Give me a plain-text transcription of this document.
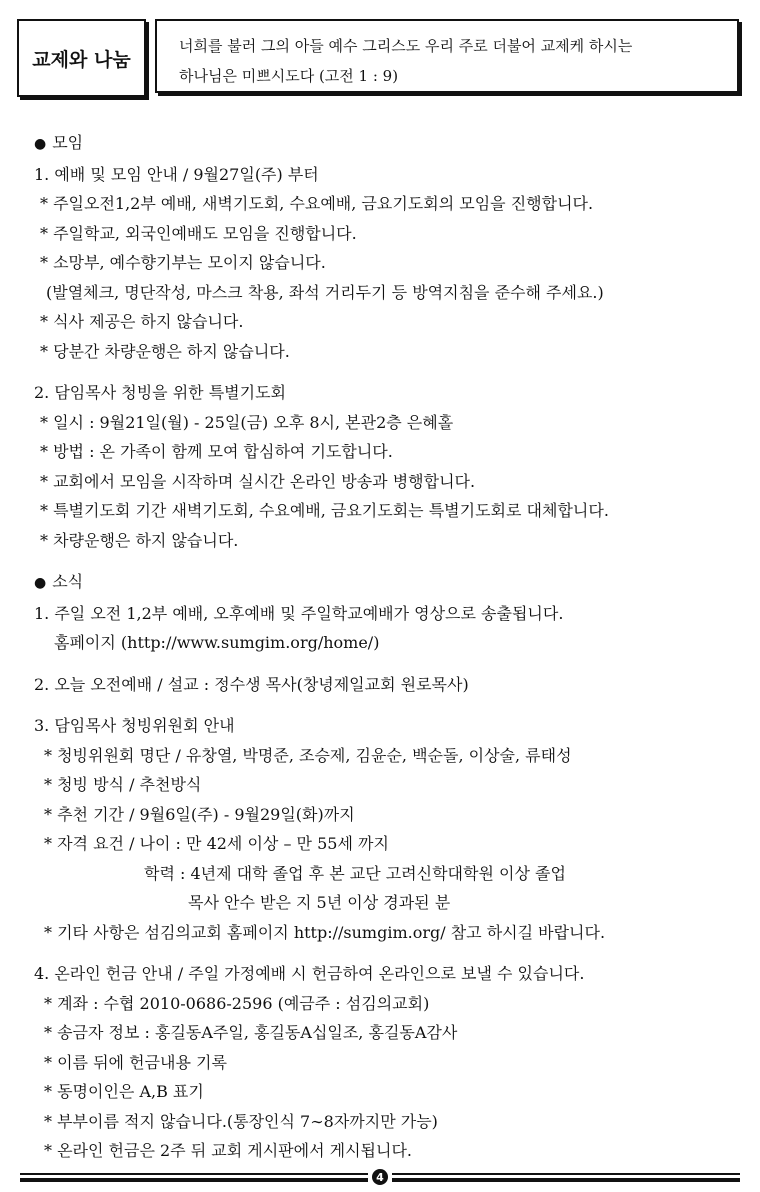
교제와 나눔
너희를 불러 그의 아들 예수 그리스도 우리 주로 더불어 교제케 하시는
하나님은 미쁘시도다 (고전 1 : 9)
● 모임
1. 예배 및 모임 안내 / 9월27일(주) 부터
* 주일오전1,2부 예배, 새벽기도회, 수요예배, 금요기도회의 모임을 진행합니다.
* 주일학교, 외국인예배도 모임을 진행합니다.
* 소망부, 예수향기부는 모이지 않습니다.
(발열체크, 명단작성, 마스크 착용, 좌석 거리두기 등 방역지침을 준수해 주세요.)
* 식사 제공은 하지 않습니다.
* 당분간 차량운행은 하지 않습니다.
2. 담임목사 청빙을 위한 특별기도회
* 일시 : 9월21일(월) - 25일(금) 오후 8시, 본관2층 은혜홀
* 방법 : 온 가족이 함께 모여 합심하여 기도합니다.
* 교회에서 모임을 시작하며 실시간 온라인 방송과 병행합니다.
* 특별기도회 기간 새벽기도회, 수요예배, 금요기도회는 특별기도회로 대체합니다.
* 차량운행은 하지 않습니다.
● 소식
1. 주일 오전 1,2부 예배, 오후예배 및 주일학교예배가 영상으로 송출됩니다.
홈페이지 (http://www.sumgim.org/home/)
2. 오늘 오전예배 / 설교 : 정수생 목사(창녕제일교회 원로목사)
3. 담임목사 청빙위원회 안내
* 청빙위원회 명단 / 유창열, 박명준, 조승제, 김윤순, 백순돌, 이상술, 류태성
* 청빙 방식 / 추천방식
* 추천 기간 / 9월6일(주) - 9월29일(화)까지
* 자격 요건 / 나이 : 만 42세 이상 – 만 55세 까지
학력 : 4년제 대학 졸업 후 본 교단 고려신학대학원 이상 졸업
목사 안수 받은 지 5년 이상 경과된 분
* 기타 사항은 섬김의교회 홈페이지 http://sumgim.org/ 참고 하시길 바랍니다.
4. 온라인 헌금 안내 / 주일 가정예배 시 헌금하여 온라인으로 보낼 수 있습니다.
* 계좌 : 수협 2010-0686-2596 (예금주 : 섬김의교회)
* 송금자 정보 : 홍길동A주일, 홍길동A십일조, 홍길동A감사
* 이름 뒤에 헌금내용 기록
* 동명이인은 A,B 표기
* 부부이름 적지 않습니다.(통장인식 7∼8자까지만 가능)
* 온라인 헌금은 2주 뒤 교회 게시판에서 게시됩니다.
4
